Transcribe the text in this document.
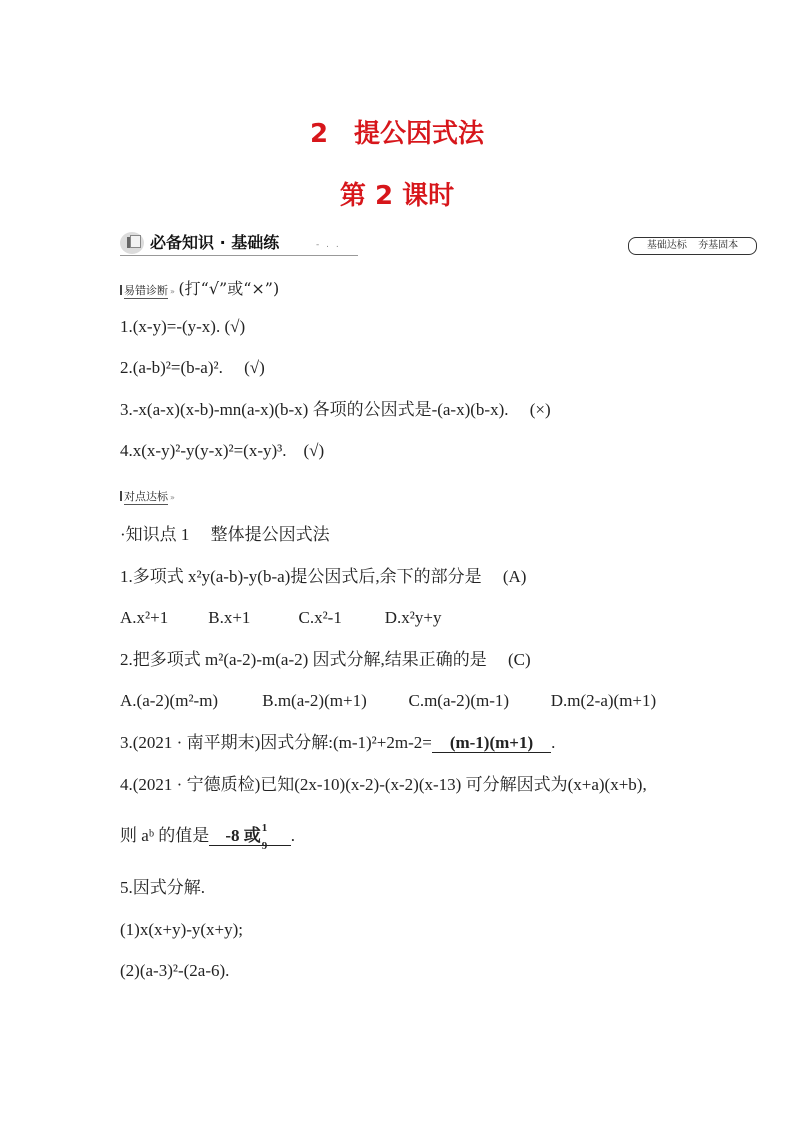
2　提公因式法
第 2 课时
必备知识 · 基础练	- . .	基础达标 夯基固本
易错诊断 » (打“√”或“×”)
1.(x-y)=-(y-x). (√)
2.(a-b)²=(b-a)².　 (√)
3.-x(a-x)(x-b)-mn(a-x)(b-x) 各项的公因式是-(a-x)(b-x).　 (×)
4.x(x-y)²-y(y-x)²=(x-y)³.　(√)
对点达标 »
·知识点 1　 整体提公因式法
1.多项式 x²y(a-b)-y(b-a)提公因式后,余下的部分是　 (A)
A.x²+1 B.x+1	C.x²-1	D.x²y+y
2.把多项式 m²(a-2)-m(a-2) 因式分解,结果正确的是　 (C)
A.(a-2)(m²-m)	B.m(a-2)(m+1) C.m(a-2)(m-1) D.m(2-a)(m+1)
3.(2021 · 南平期末)因式分解:(m-1)²+2m-2= (m-1)(m+1) .
4.(2021 · 宁德质检)已知(2x-10)(x-2)-(x-2)(x-13) 可分解因式为(x+a)(x+b),
则 aᵇ 的值是 -8 或 1
9
.
5.因式分解.
(1)x(x+y)-y(x+y);
(2)(a-3)²-(2a-6).
